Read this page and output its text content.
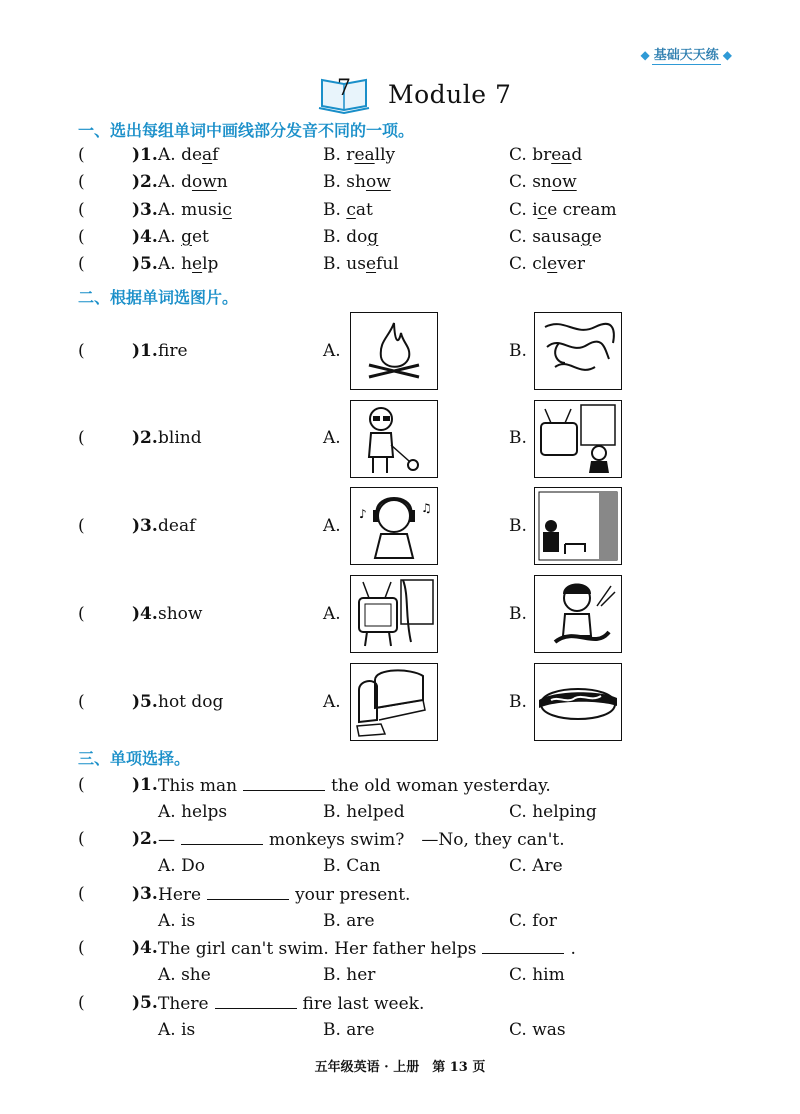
◆ 基础天天练 ◆
7	Module 7
一、选出每组单词中画线部分发音不同的一项。
(	)1. A. deaf	B. really	C. bread
(	)2. A. down	B. show	C. snow
(	)3. A. music	B. cat	C. ice cream
(	)4. A. get	B. dog	C. sausage
(	)5. A. help	B. useful	C. clever
二、根据单词选图片。
(	)1. fire	A.	B.
(	)2. blind	A.	B.
(	)3. deaf	A.	B.
♪	♫
(	)4. show	A.	B.
(	)5. hot dog	A.	B.
三、单项选择。
(	)1. This man	the old woman yesterday.
A. helps	B. helped	C. helping
(	)2. —	monkeys swim?　—No, they can't.
A. Do	B. Can	C. Are
(	)3. Here	your present.
A. is	B. are	C. for
(	)4. The girl can't swim. Her father helps	.
A. she	B. her	C. him
(	)5. There	fire last week.
A. is	B. are	C. was
五年级英语 · 上册　第 13 页
